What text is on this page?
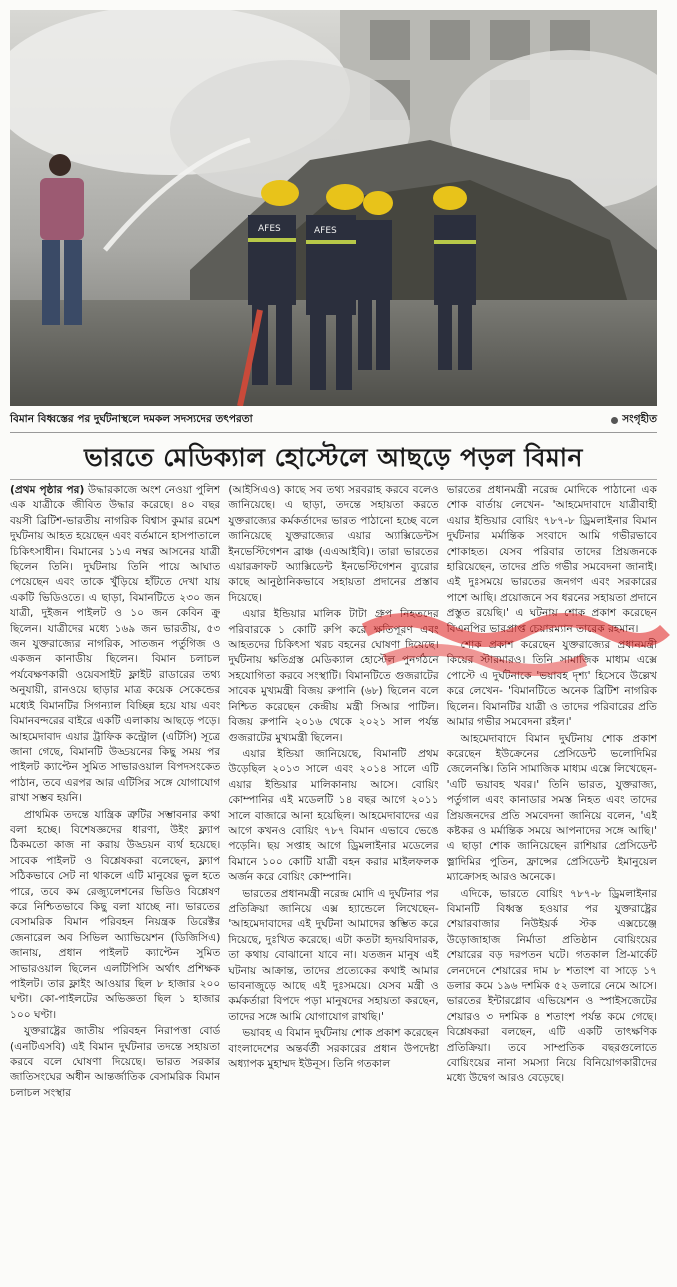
AFES	AFES
বিমান বিধ্বস্তের পর দুর্ঘটনাস্থলে দমকল সদস্যদের তৎপরতা	সংগৃহীত
ভারতে মেডিক্যাল হোস্টেলে আছড়ে পড়ল বিমান

(প্রথম পৃষ্ঠার পর) উদ্ধারকাজে অংশ নেওয়া পুলিশ এক যাত্রীকে জীবিত উদ্ধার করেছে। ৪০ বছর বয়সী ব্রিটিশ-ভারতীয় নাগরিক বিশ্বাস কুমার রমেশ দুর্ঘটনায় আহত হয়েছেন এবং বর্তমানে হাসপাতালে চিকিৎসাধীন। বিমানের ১১এ নম্বর আসনের যাত্রী ছিলেন তিনি। দুর্ঘটনায় তিনি পায়ে আঘাত পেয়েছেন এবং তাকে খুঁড়িয়ে হাঁটতে দেখা যায় একটি ভিডিওতে। এ ছাড়া, বিমানটিতে ২৩০ জন যাত্রী, দুইজন পাইলট ও ১০ জন কেবিন ক্রু ছিলেন। যাত্রীদের মধ্যে ১৬৯ জন ভারতীয়, ৫৩ জন যুক্তরাজ্যের নাগরিক, সাতজন পর্তুগিজ ও একজন কানাডীয় ছিলেন। বিমান চলাচল পর্যবেক্ষণকারী ওয়েবসাইট ফ্লাইট রাডারের তথ্য অনুযায়ী, রানওয়ে ছাড়ার মাত্র কয়েক সেকেন্ডের মধ্যেই বিমানটির সিগন্যাল বিচ্ছিন্ন হয়ে যায় এবং বিমানবন্দরের বাইরে একটি এলাকায় আছড়ে পড়ে। আহমেদাবাদ এয়ার ট্রাফিক কন্ট্রোল (এটিসি) সূত্রে জানা গেছে, বিমানটি উড্ডয়নের কিছু সময় পর পাইলট ক্যাপ্টেন সুমিত সাভারওয়াল বিপদসংকেত পাঠান, তবে এরপর আর এটিসির সঙ্গে যোগাযোগ রাখা সম্ভব হয়নি।

প্রাথমিক তদন্তে যান্ত্রিক ত্রুটির সম্ভাবনার কথা বলা হচ্ছে। বিশেষজ্ঞদের ধারণা, উইং ফ্ল্যাপ ঠিকমতো কাজ না করায় উড্ডয়ন ব্যর্থ হয়েছে। সাবেক পাইলট ও বিশ্লেষকরা বলেছেন, ফ্ল্যাপ সঠিকভাবে সেট না থাকলে এটি মানুষের ভুল হতে পারে, তবে কম রেজ্যুলেশনের ভিডিও বিশ্লেষণ করে নিশ্চিতভাবে কিছু বলা যাচ্ছে না। ভারতের বেসামরিক বিমান পরিবহন নিয়ন্ত্রক ডিরেক্টর জেনারেল অব সিভিল অ্যাভিয়েশন (ডিজিসিএ) জানায়, প্রধান পাইলট ক্যাপ্টেন সুমিত সাভারওয়াল ছিলেন এলটিপিসি অর্থাৎ প্রশিক্ষক পাইলট। তার ফ্লাইং আওয়ার ছিল ৮ হাজার ২০০ ঘণ্টা। কো-পাইলটের অভিজ্ঞতা ছিল ১ হাজার ১০০ ঘণ্টা।

যুক্তরাষ্ট্রের জাতীয় পরিবহন নিরাপত্তা বোর্ড (এনটিএসবি) এই বিমান দুর্ঘটনার তদন্তে সহায়তা করবে বলে ঘোষণা দিয়েছে। ভারত সরকার জাতিসংঘের অধীন আন্তর্জাতিক বেসামরিক বিমান চলাচল সংস্থার

(আইসিএও) কাছে সব তথ্য সরবরাহ করবে বলেও জানিয়েছে। এ ছাড়া, তদন্তে সহায়তা করতে যুক্তরাজ্যের কর্মকর্তাদের ভারত পাঠানো হচ্ছে বলে জানিয়েছে যুক্তরাজ্যের এয়ার অ্যাক্সিডেন্টস ইনভেস্টিগেশন ব্রাঞ্চ (এএআইবি)। তারা ভারতের এয়ারক্রাফট অ্যাক্সিডেন্ট ইনভেস্টিগেশন ব্যুরোর কাছে আনুষ্ঠানিকভাবে সহায়তা প্রদানের প্রস্তাব দিয়েছে।

এয়ার ইন্ডিয়ার মালিক টাটা গ্রুপ নিহতদের পরিবারকে ১ কোটি রুপি করে ক্ষতিপূরণ এবং আহতদের চিকিৎসা খরচ বহনের ঘোষণা দিয়েছে। দুর্ঘটনায় ক্ষতিগ্রস্ত মেডিক্যাল হোস্টেল পুনর্গঠনে সহযোগিতা করবে সংস্থাটি। বিমানটিতে গুজরাটের সাবেক মুখ্যমন্ত্রী বিজয় রুপানি (৬৮) ছিলেন বলে নিশ্চিত করেছেন কেন্দ্রীয় মন্ত্রী সিআর পাটিল। বিজয় রুপানি ২০১৬ থেকে ২০২১ সাল পর্যন্ত গুজরাটের মুখ্যমন্ত্রী ছিলেন।

এয়ার ইন্ডিয়া জানিয়েছে, বিমানটি প্রথম উড়েছিল ২০১৩ সালে এবং ২০১৪ সালে এটি এয়ার ইন্ডিয়ার মালিকানায় আসে। বোয়িং কোম্পানির এই মডেলটি ১৪ বছর আগে ২০১১ সালে বাজারে আনা হয়েছিল। আহমেদাবাদের এর আগে কখনও বোয়িং ৭৮৭ বিমান এভাবে ভেঙে পড়েনি। ছয় সপ্তাহ আগে ড্রিমলাইনার মডেলের বিমানে ১০০ কোটি যাত্রী বহন করার মাইলফলক অর্জন করে বোয়িং কোম্পানি।

ভারতের প্রধানমন্ত্রী নরেন্দ্র মোদি এ দুর্ঘটনার পর প্রতিক্রিয়া জানিয়ে এক্স হ্যান্ডেলে লিখেছেন- 'আহমেদাবাদের এই দুর্ঘটনা আমাদের স্তম্ভিত করে দিয়েছে, দুঃখিত করেছে। এটা কতটা হৃদয়বিদারক, তা কথায় বোঝানো যাবে না। যতজন মানুষ এই ঘটনায় আক্রান্ত, তাদের প্রত্যেকের কথাই আমার ভাবনাজুড়ে আছে এই দুঃসময়ে। যেসব মন্ত্রী ও কর্মকর্তারা বিপদে পড়া মানুষদের সহায়তা করছেন, তাদের সঙ্গে আমি যোগাযোগ রাখছি।'

ভয়াবহ এ বিমান দুর্ঘটনায় শোক প্রকাশ করেছেন বাংলাদেশের অন্তর্বর্তী সরকারের প্রধান উপদেষ্টা অধ্যাপক মুহাম্মদ ইউনূস। তিনি গতকাল

ভারতের প্রধানমন্ত্রী নরেন্দ্র মোদিকে পাঠানো এক শোক বার্তায় লেখেন- 'আহমেদাবাদে যাত্রীবাহী এয়ার ইন্ডিয়ার বোয়িং ৭৮৭-৮ ড্রিমলাইনার বিমান দুর্ঘটনার মর্মান্তিক সংবাদে আমি গভীরভাবে শোকাহত। যেসব পরিবার তাদের প্রিয়জনকে হারিয়েছেন, তাদের প্রতি গভীর সমবেদনা জানাই। এই দুঃসময়ে ভারতের জনগণ এবং সরকারের পাশে আছি। প্রয়োজনে সব ধরনের সহায়তা প্রদানে প্রস্তুত রয়েছি।' এ ঘটনায় শোক প্রকাশ করেছেন বিএনপির ভারপ্রাপ্ত চেয়ারম্যান তারেক রহমান।

শোক প্রকাশ করেছেন যুক্তরাজ্যের প্রধানমন্ত্রী কিয়ের স্টারমারও। তিনি সামাজিক মাধ্যম এক্সে পোস্টে এ দুর্ঘটনাকে 'ভয়াবহ দৃশ্য' হিসেবে উল্লেখ করে লেখেন- 'বিমানটিতে অনেক ব্রিটিশ নাগরিক ছিলেন। বিমানটির যাত্রী ও তাদের পরিবারের প্রতি আমার গভীর সমবেদনা রইল।'

আহমেদাবাদে বিমান দুর্ঘটনায় শোক প্রকাশ করেছেন ইউক্রেনের প্রেসিডেন্ট ভলোদিমির জেলেনস্কি। তিনি সামাজিক মাধ্যম এক্সে লিখেছেন- 'এটি ভয়াবহ খবর।' তিনি ভারত, যুক্তরাজ্য, পর্তুগাল এবং কানাডার সমস্ত নিহত এবং তাদের প্রিয়জনদের প্রতি সমবেদনা জানিয়ে বলেন, 'এই কষ্টকর ও মর্মান্তিক সময়ে আপনাদের সঙ্গে আছি।' এ ছাড়া শোক জানিয়েছেন রাশিয়ার প্রেসিডেন্ট ভ্লাদিমির পুতিন, ফ্রান্সের প্রেসিডেন্ট ইমানুয়েল ম্যাক্রোসহ আরও অনেকে।

এদিকে, ভারতে বোয়িং ৭৮৭-৮ ড্রিমলাইনার বিমানটি বিধ্বস্ত হওয়ার পর যুক্তরাষ্ট্রের শেয়ারবাজার নিউইয়র্ক স্টক এক্সচেঞ্জে উড়োজাহাজ নির্মাতা প্রতিষ্ঠান বোয়িংয়ের শেয়ারের বড় দরপতন ঘটে। গতকাল প্রি-মার্কেট লেনদেনে শেয়ারের দাম ৮ শতাংশ বা সাড়ে ১৭ ডলার কমে ১৯৬ দশমিক ৫২ ডলারে নেমে আসে। ভারতের ইন্টারগ্লোব এভিয়েশন ও স্পাইসজেটের শেয়ারও ৩ দশমিক ৪ শতাংশ পর্যন্ত কমে গেছে। বিশ্লেষকরা বলছেন, এটি একটি তাৎক্ষণিক প্রতিক্রিয়া। তবে সাম্প্রতিক বছরগুলোতে বোয়িংয়ের নানা সমস্যা নিয়ে বিনিয়োগকারীদের মধ্যে উদ্বেগ আরও বেড়েছে।
